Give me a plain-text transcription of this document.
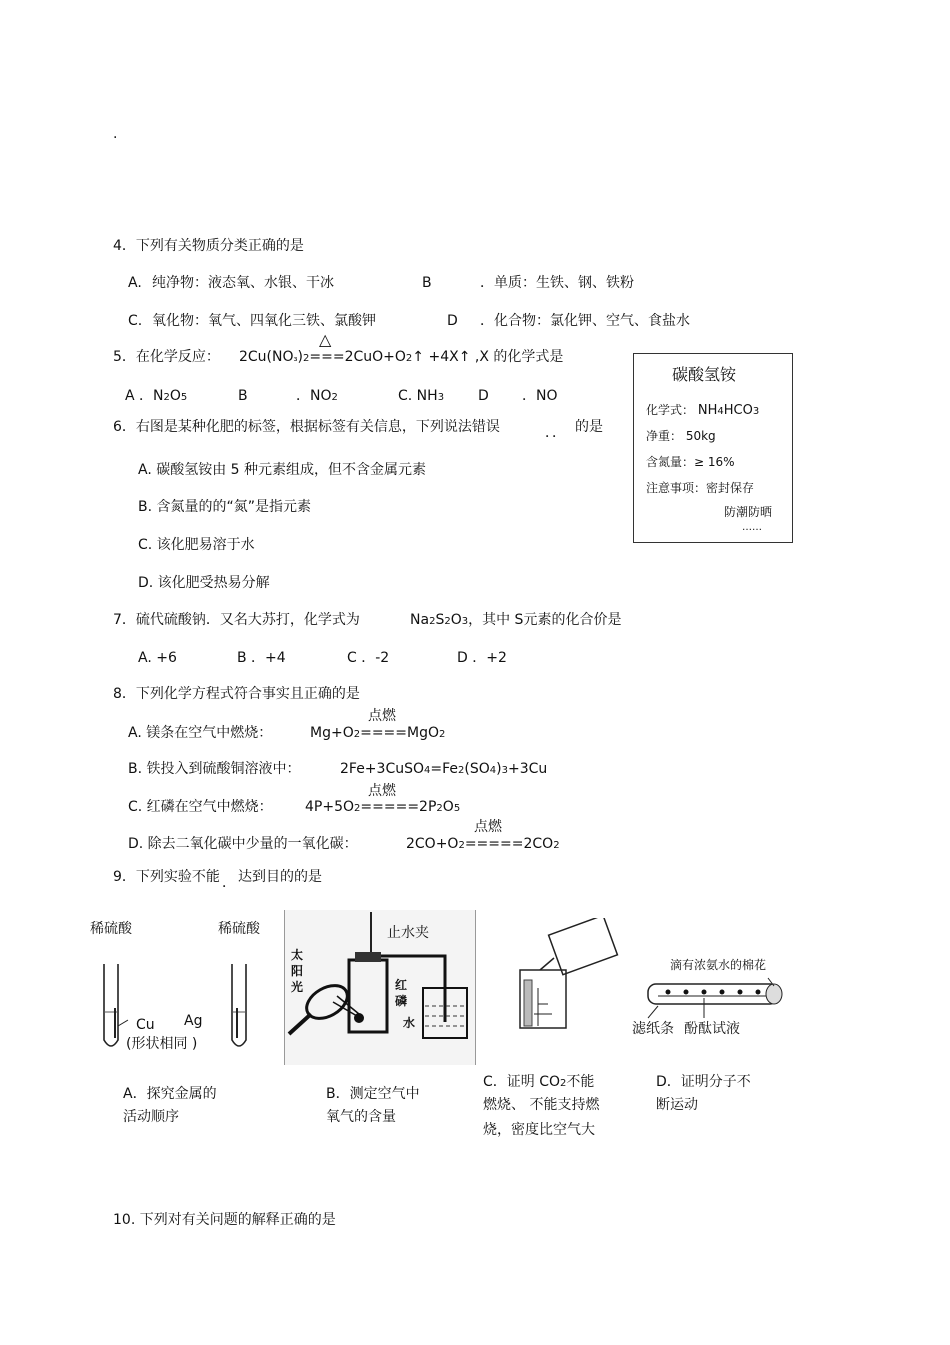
.
4．下列有关物质分类正确的是
A. 纯净物：液态氧、水银、干冰	B	．单质：生铁、钢、铁粉
C. 氧化物：氧气、四氧化三铁、氯酸钾	D ．化合物：氯化钾、空气、食盐水
△
5．在化学反应： 2Cu(NO₃)2===2CuO+O2↑ +4X↑ ,X 的化学式是
A ．N2O5	B	．NO2	C. NH3 D ．NO
碳酸氢铵
化学式： NH4HCO3
净重： 50kg
含氮量：≥ 16%
注意事项：密封保存
防潮防晒
……
6．右图是某种化肥的标签，根据标签有关信息，下列说法错误	．． 的是
A. 碳酸氢铵由 5 种元素组成，但不含金属元素
B. 含氮量的的“氮”是指元素
C. 该化肥易溶于水
D. 该化肥受热易分解
7．硫代硫酸钠．又名大苏打，化学式为	Na2S2O3，其中 S元素的化合价是
A. +6	B ．+4	C ．-2	D ．+2
8．下列化学方程式符合事实且正确的是
点燃
A. 镁条在空气中燃烧：	Mg+O2====MgO2
B. 铁投入到硫酸铜溶液中：	2Fe+3CuSO4=Fe2(SO4)3+3Cu
点燃
C. 红磷在空气中燃烧： 4P+5O2=====2P2O5
点燃
D. 除去二氧化碳中少量的一氧化碳：	2CO+O2=====2CO2
9．下列实验不能 ． 达到目的的是
稀硫酸	稀硫酸
Cu Ag
(形状相同 )
A．探究金属的
活动顺序
止水夹
太
阳
光	红
磷
水
B．测定空气中
氧气的含量
C．证明 CO2不能
燃烧、 不能支持燃
烧，密度比空气大
滴有浓氨水的棉花
滤纸条 酚酞试液
D．证明分子不
断运动
10. 下列对有关问题的解释正确的是
